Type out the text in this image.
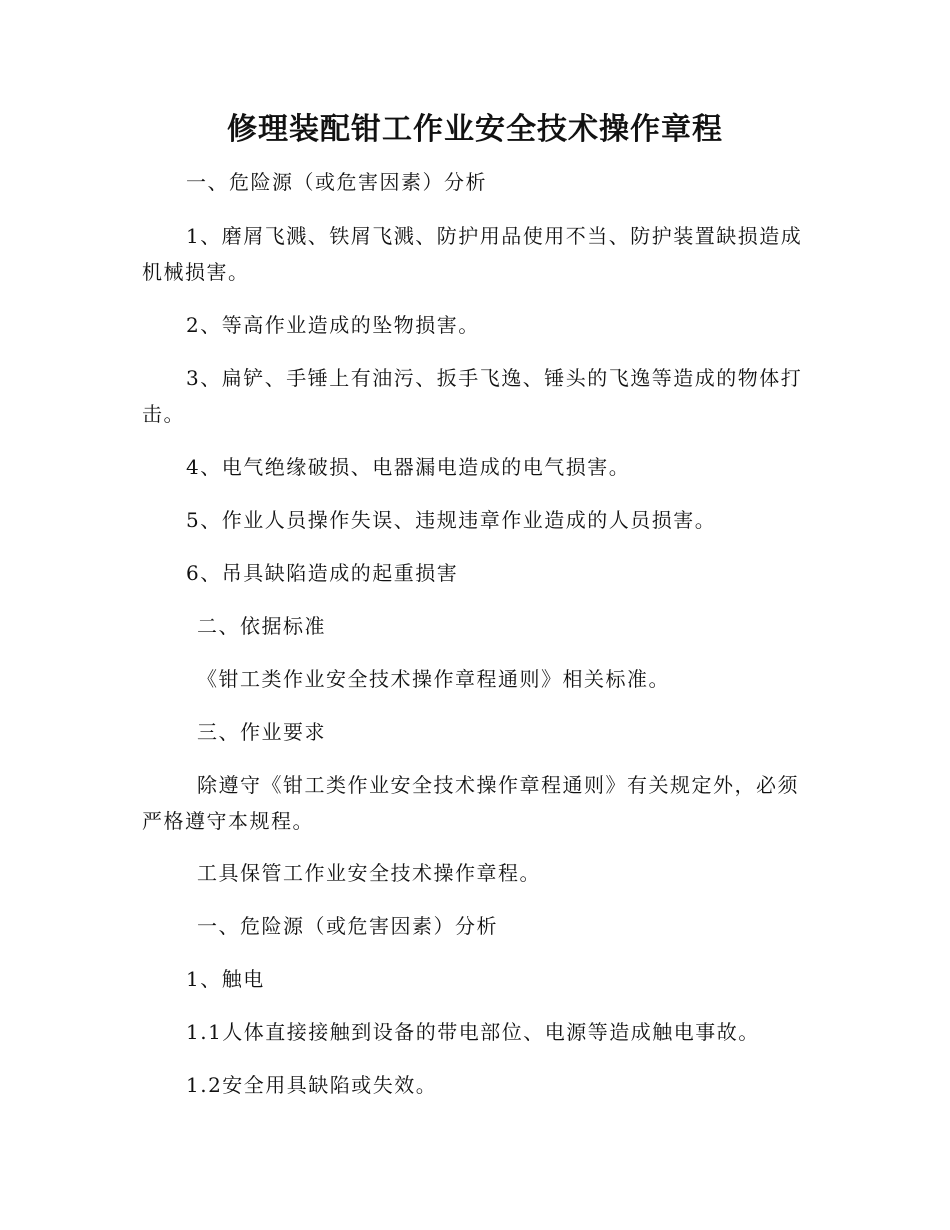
修理装配钳工作业安全技术操作章程
一、危险源（或危害因素）分析
1、磨屑飞溅、铁屑飞溅、防护用品使用不当、防护装置缺损造成机械损害。
2、等高作业造成的坠物损害。
3、扁铲、手锤上有油污、扳手飞逸、锤头的飞逸等造成的物体打击。
4、电气绝缘破损、电器漏电造成的电气损害。
5、作业人员操作失误、违规违章作业造成的人员损害。
6、吊具缺陷造成的起重损害
二、依据标准
《钳工类作业安全技术操作章程通则》相关标准。
三、作业要求
除遵守《钳工类作业安全技术操作章程通则》有关规定外，必须严格遵守本规程。
工具保管工作业安全技术操作章程。
一、危险源（或危害因素）分析
1、触电
1.1人体直接接触到设备的带电部位、电源等造成触电事故。
1.2安全用具缺陷或失效。
